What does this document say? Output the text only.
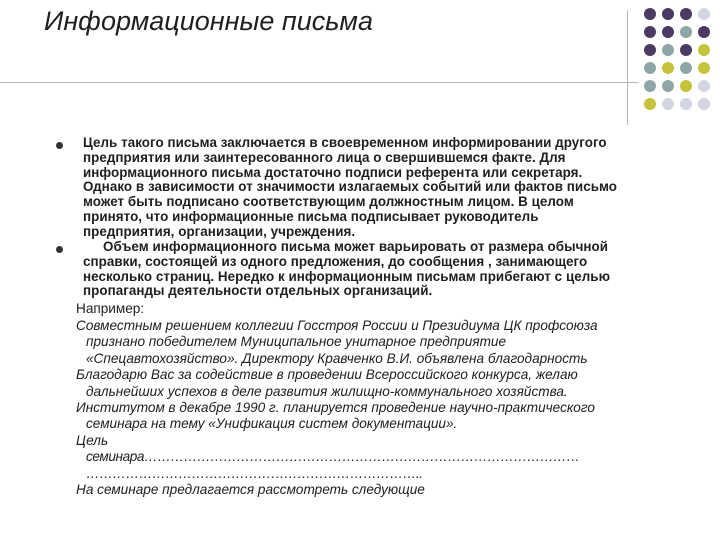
Информационные письма
Цель такого письма заключается в своевременном информировании другого
предприятия или заинтересованного лица о свершившемся факте. Для
информационного письма достаточно подписи референта или секретаря.
Однако в зависимости от значимости излагаемых событий или фактов письмо
может быть подписано соответствующим должностным лицом. В целом
принято, что информационные письма подписывает руководитель
предприятия, организации, учреждения.
Объем информационного письма может варьировать от размера обычной
справки, состоящей из одного предложения, до сообщения , занимающего
несколько страниц. Нередко к информационным письмам прибегают с целью
пропаганды деятельности отдельных организаций.
Например:
Совместным решением коллегии Госстроя России и Президиума ЦК профсоюза
признано победителем Муниципальное унитарное предприятие
«Спецавтохозяйство». Директору Кравченко В.И. объявлена благодарность
Благодарю Вас за содействие в проведении Всероссийского конкурса, желаю
дальнейших успехов в деле развития жилищно-коммунального хозяйства.
Институтом в декабре 1990 г. планируется проведение научно-практического
семинара на тему «Унификация систем документации».
Цель
семинара………………………………………………………………………………………
…………………………………………………………………..
На семинаре предлагается рассмотреть следующие
